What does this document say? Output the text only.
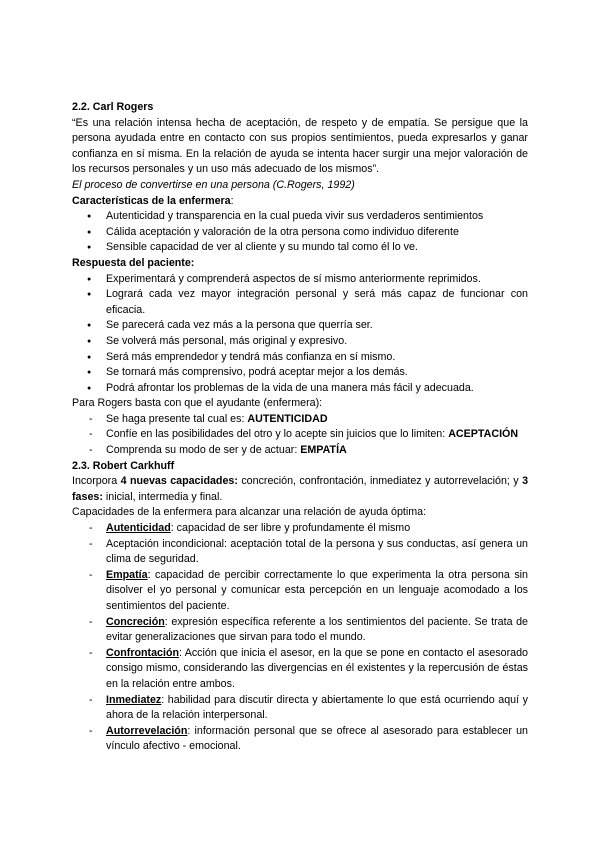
2.2. Carl Rogers

“Es una relación intensa hecha de aceptación, de respeto y de empatía. Se persigue que la persona ayudada entre en contacto con sus propios sentimientos, pueda expresarlos y ganar confianza en sí misma. En la relación de ayuda se intenta hacer surgir una mejor valoración de los recursos personales y un uso más adecuado de los mismos”.

El proceso de convertirse en una persona (C.Rogers, 1992)

Características de la enfermera:

● Autenticidad y transparencia en la cual pueda vivir sus verdaderos sentimientos
● Cálida aceptación y valoración de la otra persona como individuo diferente
● Sensible capacidad de ver al cliente y su mundo tal como él lo ve.

Respuesta del paciente:

● Experimentará y comprenderá aspectos de sí mismo anteriormente reprimidos.
● Logrará cada vez mayor integración personal y será más capaz de funcionar con eficacia.
● Se parecerá cada vez más a la persona que querría ser.
● Se volverá más personal, más original y expresivo.
● Será más emprendedor y tendrá más confianza en sí mismo.
● Se tornará más comprensivo, podrá aceptar mejor a los demás.
● Podrá afrontar los problemas de la vida de una manera más fácil y adecuada.

Para Rogers basta con que el ayudante (enfermera):

- Se haga presente tal cual es: AUTENTICIDAD
- Confíe en las posibilidades del otro y lo acepte sin juicios que lo limiten: ACEPTACIÓN
- Comprenda su modo de ser y de actuar: EMPATÍA
2.3. Robert Carkhuff

Incorpora 4 nuevas capacidades: concreción, confrontación, inmediatez y autorrevelación; y 3 fases: inicial, intermedia y final.

Capacidades de la enfermera para alcanzar una relación de ayuda óptima:

- Autenticidad: capacidad de ser libre y profundamente él mismo
- Aceptación incondicional: aceptación total de la persona y sus conductas, así genera un clima de seguridad.
- Empatía: capacidad de percibir correctamente lo que experimenta la otra persona sin disolver el yo personal y comunicar esta percepción en un lenguaje acomodado a los sentimientos del paciente.
- Concreción: expresión específica referente a los sentimientos del paciente. Se trata de evitar generalizaciones que sirvan para todo el mundo.
- Confrontación: Acción que inicia el asesor, en la que se pone en contacto el asesorado consigo mismo, considerando las divergencias en él existentes y la repercusión de éstas en la relación entre ambos.
- Inmediatez: habilidad para discutir directa y abiertamente lo que está ocurriendo aquí y ahora de la relación interpersonal.
- Autorrevelación: información personal que se ofrece al asesorado para establecer un vínculo afectivo - emocional.
